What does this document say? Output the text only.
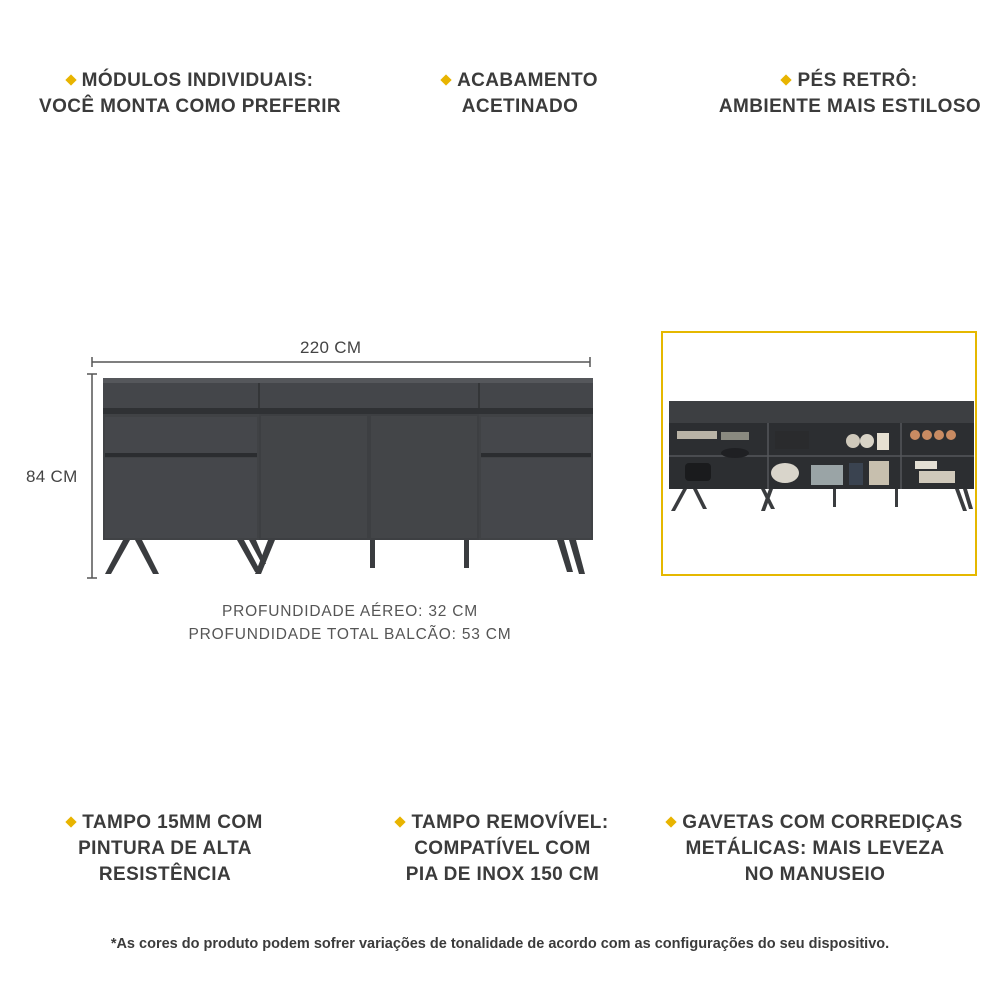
MÓDULOS INDIVIDUAIS:
VOCÊ MONTA COMO PREFERIR
ACABAMENTO
ACETINADO
PÉS RETRÔ:
AMBIENTE MAIS ESTILOSO
TAMPO 15MM COM
PINTURA DE ALTA
RESISTÊNCIA
TAMPO REMOVÍVEL:
COMPATÍVEL COM
PIA DE INOX 150 CM
GAVETAS COM CORREDIÇAS
METÁLICAS: MAIS LEVEZA
NO MANUSEIO
220 CM
84 CM
PROFUNDIDADE AÉREO: 32 CM
PROFUNDIDADE TOTAL BALCÃO: 53 CM
*As cores do produto podem sofrer variações de tonalidade de acordo com as configurações do seu dispositivo.
